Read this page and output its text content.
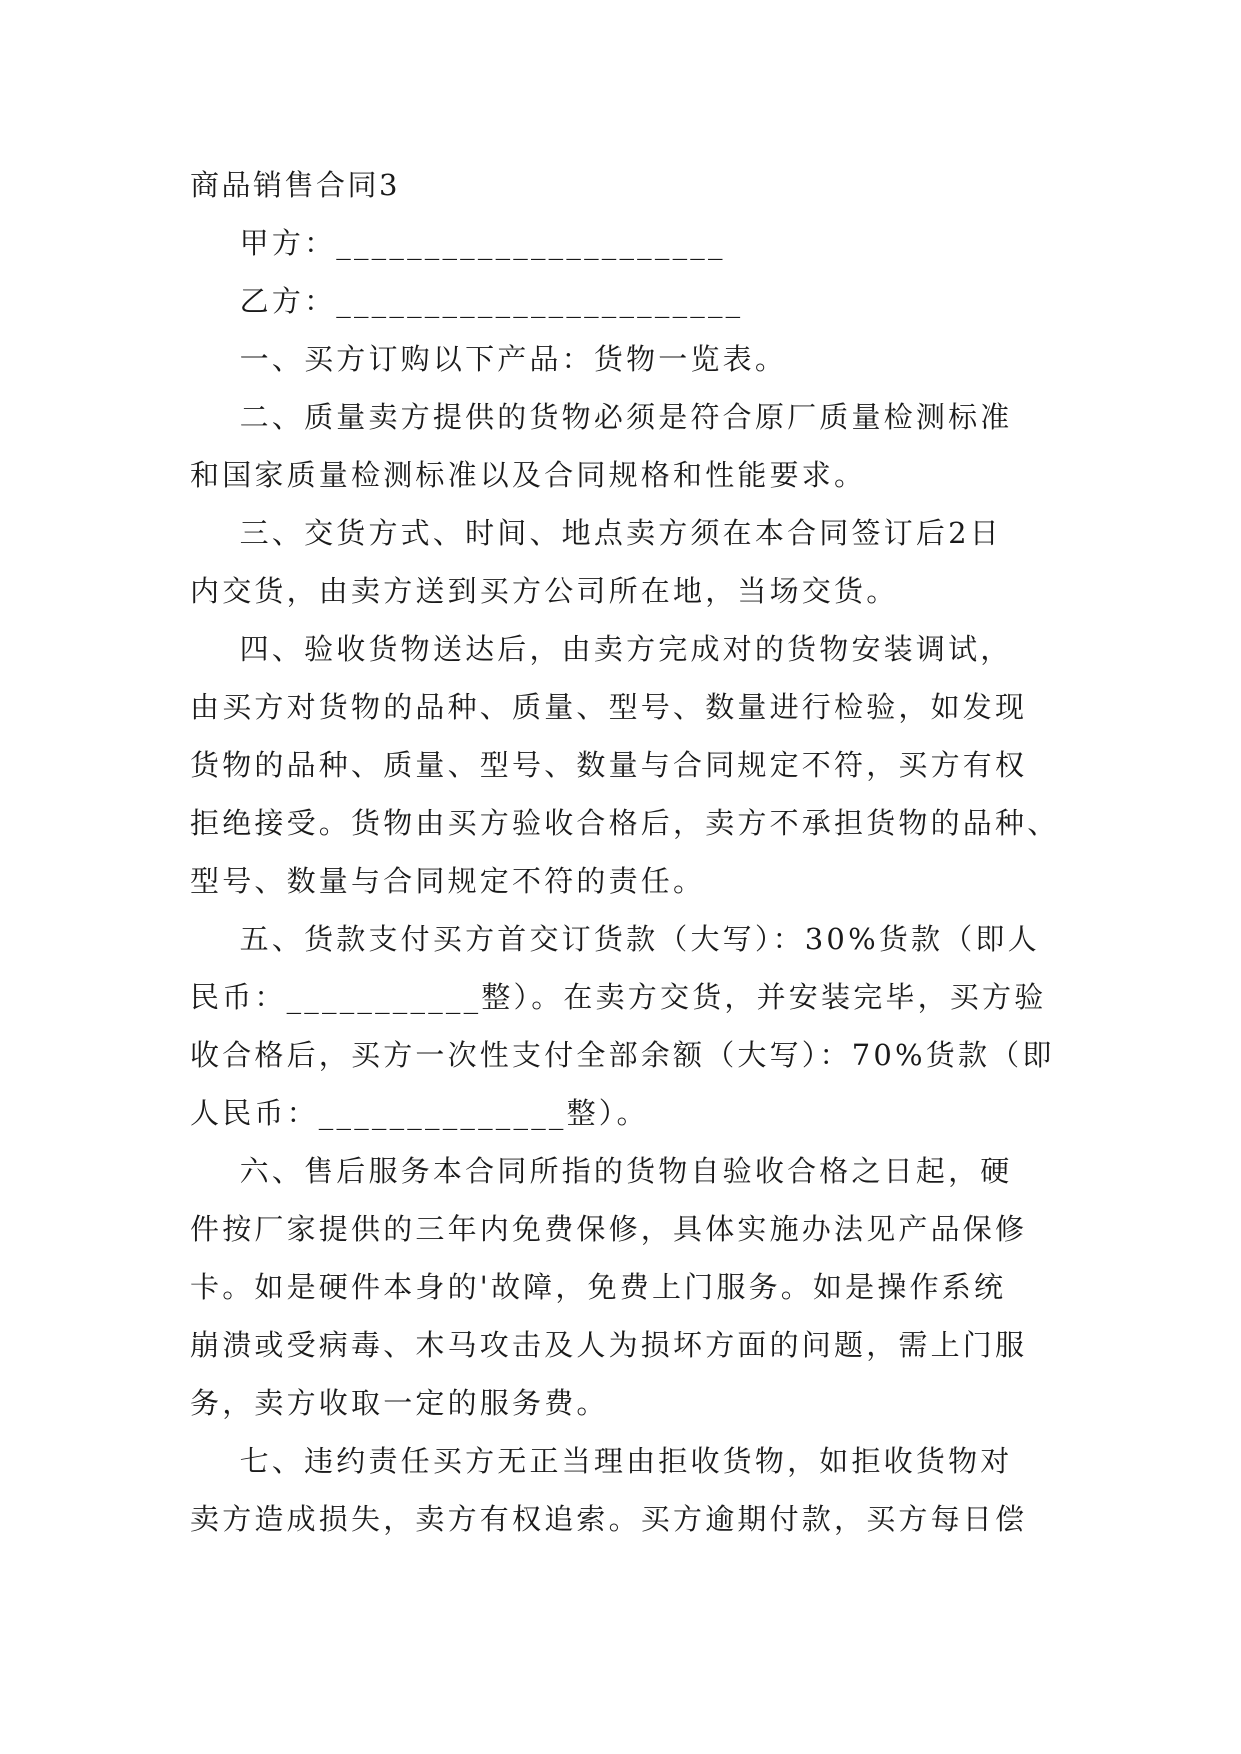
商品销售合同3
甲方：______________________
乙方：_______________________
一、买方订购以下产品：货物一览表。
二、质量卖方提供的货物必须是符合原厂质量检测标准
和国家质量检测标准以及合同规格和性能要求。
三、交货方式、时间、地点卖方须在本合同签订后2日
内交货，由卖方送到买方公司所在地，当场交货。
四、验收货物送达后，由卖方完成对的货物安装调试，
由买方对货物的品种、质量、型号、数量进行检验，如发现
货物的品种、质量、型号、数量与合同规定不符，买方有权
拒绝接受。货物由买方验收合格后，卖方不承担货物的品种、
型号、数量与合同规定不符的责任。
五、货款支付买方首交订货款（大写）：30%货款（即人
民币：___________整）。在卖方交货，并安装完毕，买方验
收合格后，买方一次性支付全部余额（大写）：70%货款（即
人民币：______________整）。
六、售后服务本合同所指的货物自验收合格之日起，硬
件按厂家提供的三年内免费保修，具体实施办法见产品保修
卡。如是硬件本身的'故障，免费上门服务。如是操作系统
崩溃或受病毒、木马攻击及人为损坏方面的问题，需上门服
务，卖方收取一定的服务费。
七、违约责任买方无正当理由拒收货物，如拒收货物对
卖方造成损失，卖方有权追索。买方逾期付款，买方每日偿
